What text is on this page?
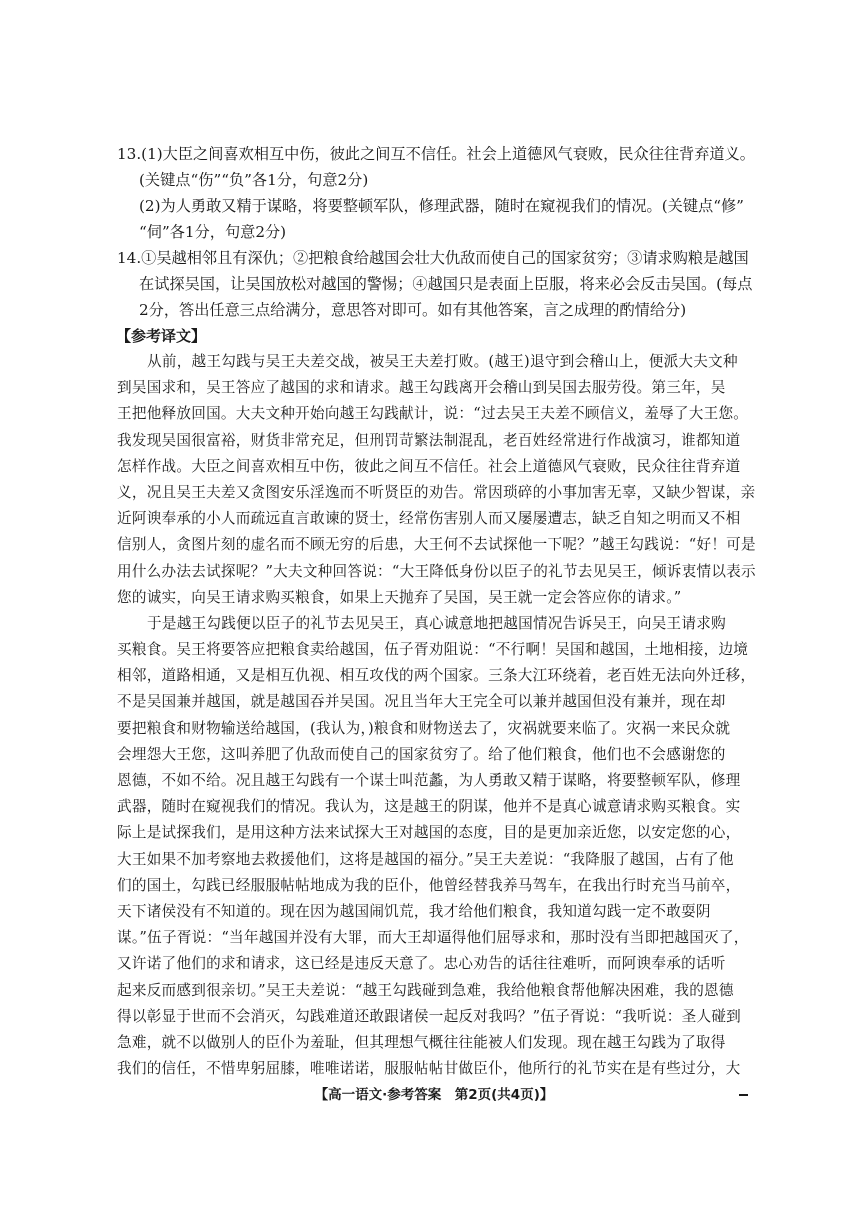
13.(1)大臣之间喜欢相互中伤，彼此之间互不信任。社会上道德风气衰败，民众往往背弃道义。
(关键点“伤”“负”各1分，句意2分)
(2)为人勇敢又精于谋略，将要整顿军队，修理武器，随时在窥视我们的情况。(关键点“修”
“伺”各1分，句意2分)
14.①吴越相邻且有深仇；②把粮食给越国会壮大仇敌而使自己的国家贫穷；③请求购粮是越国
在试探吴国，让吴国放松对越国的警惕；④越国只是表面上臣服，将来必会反击吴国。(每点
2分，答出任意三点给满分，意思答对即可。如有其他答案，言之成理的酌情给分)
【参考译文】
从前，越王勾践与吴王夫差交战，被吴王夫差打败。(越王)退守到会稽山上，便派大夫文种
到吴国求和，吴王答应了越国的求和请求。越王勾践离开会稽山到吴国去服劳役。第三年，吴
王把他释放回国。大夫文种开始向越王勾践献计，说：“过去吴王夫差不顾信义，羞辱了大王您。
我发现吴国很富裕，财货非常充足，但刑罚苛繁法制混乱，老百姓经常进行作战演习，谁都知道
怎样作战。大臣之间喜欢相互中伤，彼此之间互不信任。社会上道德风气衰败，民众往往背弃道
义，况且吴王夫差又贪图安乐淫逸而不听贤臣的劝告。常因琐碎的小事加害无辜，又缺少智谋，亲
近阿谀奉承的小人而疏远直言敢谏的贤士，经常伤害别人而又屡屡遭志，缺乏自知之明而又不相
信别人，贪图片刻的虚名而不顾无穷的后患，大王何不去试探他一下呢？”越王勾践说：“好！可是
用什么办法去试探呢？”大夫文种回答说：“大王降低身份以臣子的礼节去见吴王，倾诉衷情以表示
您的诚实，向吴王请求购买粮食，如果上天抛弃了吴国，吴王就一定会答应你的请求。”
于是越王勾践便以臣子的礼节去见吴王，真心诚意地把越国情况告诉吴王，向吴王请求购
买粮食。吴王将要答应把粮食卖给越国，伍子胥劝阻说：“不行啊！吴国和越国，土地相接，边境
相邻，道路相通，又是相互仇视、相互攻伐的两个国家。三条大江环绕着，老百姓无法向外迁移，
不是吴国兼并越国，就是越国吞并吴国。况且当年大王完全可以兼并越国但没有兼并，现在却
要把粮食和财物输送给越国，(我认为，)粮食和财物送去了，灾祸就要来临了。灾祸一来民众就
会埋怨大王您，这叫养肥了仇敌而使自己的国家贫穷了。给了他们粮食，他们也不会感谢您的
恩德，不如不给。况且越王勾践有一个谋士叫范蠡，为人勇敢又精于谋略，将要整顿军队，修理
武器，随时在窥视我们的情况。我认为，这是越王的阴谋，他并不是真心诚意请求购买粮食。实
际上是试探我们，是用这种方法来试探大王对越国的态度，目的是更加亲近您，以安定您的心，
大王如果不加考察地去救援他们，这将是越国的福分。”吴王夫差说：“我降服了越国，占有了他
们的国土，勾践已经服服帖帖地成为我的臣仆，他曾经替我养马驾车，在我出行时充当马前卒，
天下诸侯没有不知道的。现在因为越国闹饥荒，我才给他们粮食，我知道勾践一定不敢耍阴
谋。”伍子胥说：“当年越国并没有大罪，而大王却逼得他们屈辱求和，那时没有当即把越国灭了，
又许诺了他们的求和请求，这已经是违反天意了。忠心劝告的话往往难听，而阿谀奉承的话听
起来反而感到很亲切。”吴王夫差说：“越王勾践碰到急难，我给他粮食帮他解决困难，我的恩德
得以彰显于世而不会消灭，勾践难道还敢跟诸侯一起反对我吗？”伍子胥说：“我听说：圣人碰到
急难，就不以做别人的臣仆为羞耻，但其理想气概往往能被人们发现。现在越王勾践为了取得
我们的信任，不惜卑躬屈膝，唯唯诺诺，服服帖帖甘做臣仆，他所行的礼节实在是有些过分，大
【高一语文·参考答案　第2页(共4页)】
